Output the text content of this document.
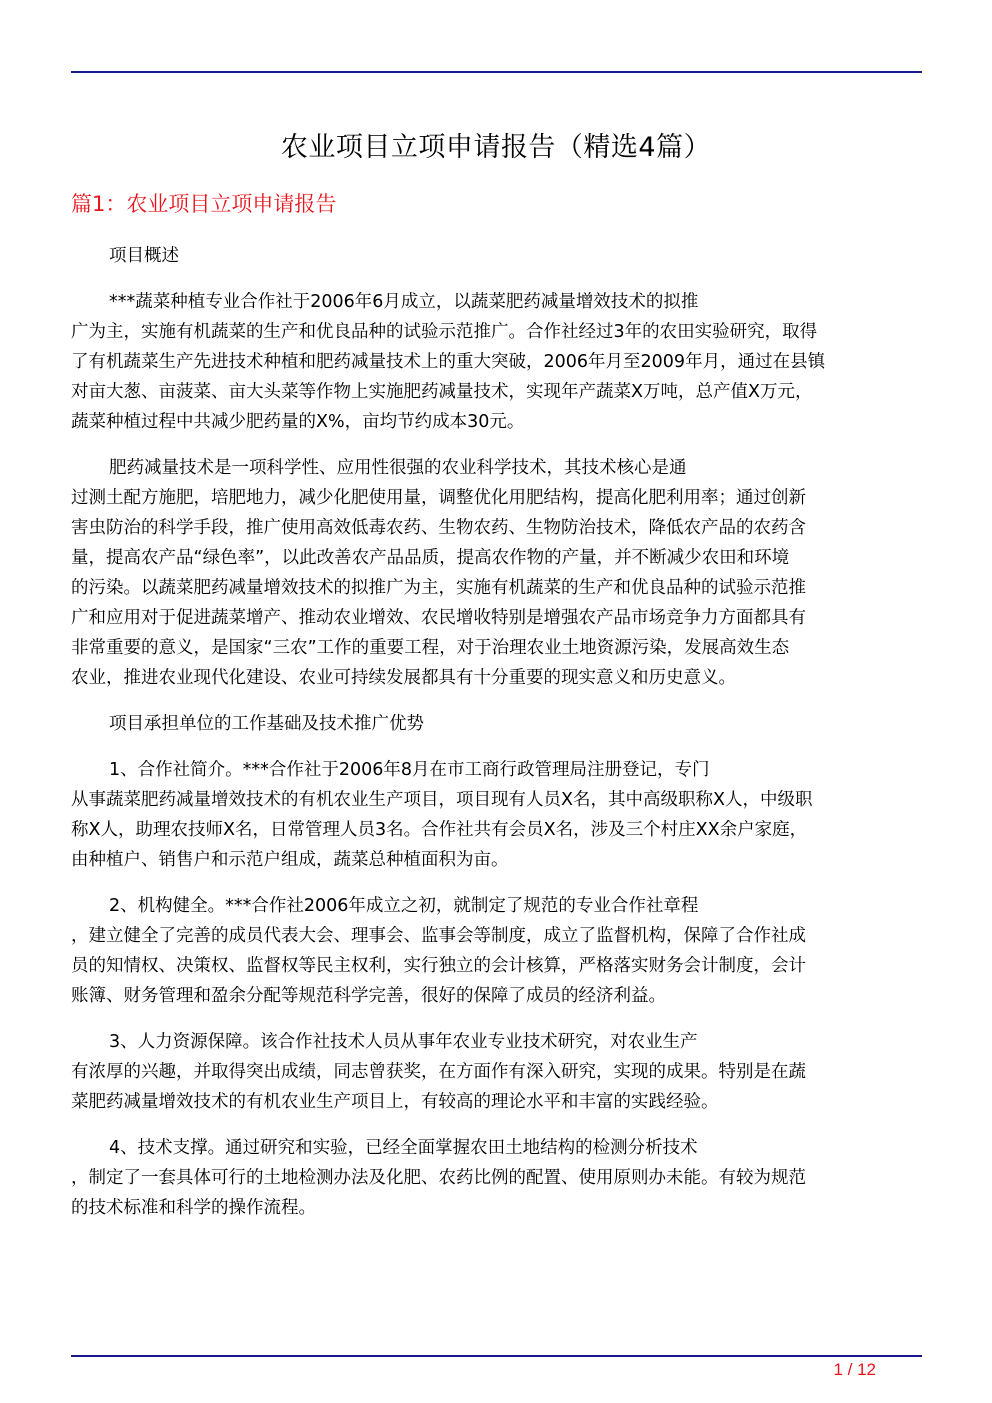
农业项目立项申请报告（精选4篇）
篇1：农业项目立项申请报告

项目概述

***蔬菜种植专业合作社于2006年6月成立，以蔬菜肥药减量增效技术的拟推
广为主，实施有机蔬菜的生产和优良品种的试验示范推广。合作社经过3年的农田实验研究，取得
了有机蔬菜生产先进技术种植和肥药减量技术上的重大突破，2006年月至2009年月，通过在县镇
对亩大葱、亩菠菜、亩大头菜等作物上实施肥药减量技术，实现年产蔬菜X万吨，总产值X万元，
蔬菜种植过程中共减少肥药量的X%，亩均节约成本30元。

肥药减量技术是一项科学性、应用性很强的农业科学技术，其技术核心是通
过测土配方施肥，培肥地力，减少化肥使用量，调整优化用肥结构，提高化肥利用率；通过创新
害虫防治的科学手段，推广使用高效低毒农药、生物农药、生物防治技术，降低农产品的农药含
量，提高农产品“绿色率”，以此改善农产品品质，提高农作物的产量，并不断减少农田和环境
的污染。以蔬菜肥药减量增效技术的拟推广为主，实施有机蔬菜的生产和优良品种的试验示范推
广和应用对于促进蔬菜增产、推动农业增效、农民增收特别是增强农产品市场竞争力方面都具有
非常重要的意义，是国家“三农”工作的重要工程，对于治理农业土地资源污染，发展高效生态
农业，推进农业现代化建设、农业可持续发展都具有十分重要的现实意义和历史意义。

项目承担单位的工作基础及技术推广优势

1、合作社简介。***合作社于2006年8月在市工商行政管理局注册登记，专门
从事蔬菜肥药减量增效技术的有机农业生产项目，项目现有人员X名，其中高级职称X人，中级职
称X人，助理农技师X名，日常管理人员3名。合作社共有会员X名，涉及三个村庄XX余户家庭，
由种植户、销售户和示范户组成，蔬菜总种植面积为亩。

2、机构健全。***合作社2006年成立之初，就制定了规范的专业合作社章程
，建立健全了完善的成员代表大会、理事会、监事会等制度，成立了监督机构，保障了合作社成
员的知情权、决策权、监督权等民主权利，实行独立的会计核算，严格落实财务会计制度，会计
账簿、财务管理和盈余分配等规范科学完善，很好的保障了成员的经济利益。

3、人力资源保障。该合作社技术人员从事年农业专业技术研究，对农业生产
有浓厚的兴趣，并取得突出成绩，同志曾获奖，在方面作有深入研究，实现的成果。特别是在蔬
菜肥药减量增效技术的有机农业生产项目上，有较高的理论水平和丰富的实践经验。

4、技术支撑。通过研究和实验，已经全面掌握农田土地结构的检测分析技术
，制定了一套具体可行的土地检测办法及化肥、农药比例的配置、使用原则办未能。有较为规范
的技术标准和科学的操作流程。

1 / 12
